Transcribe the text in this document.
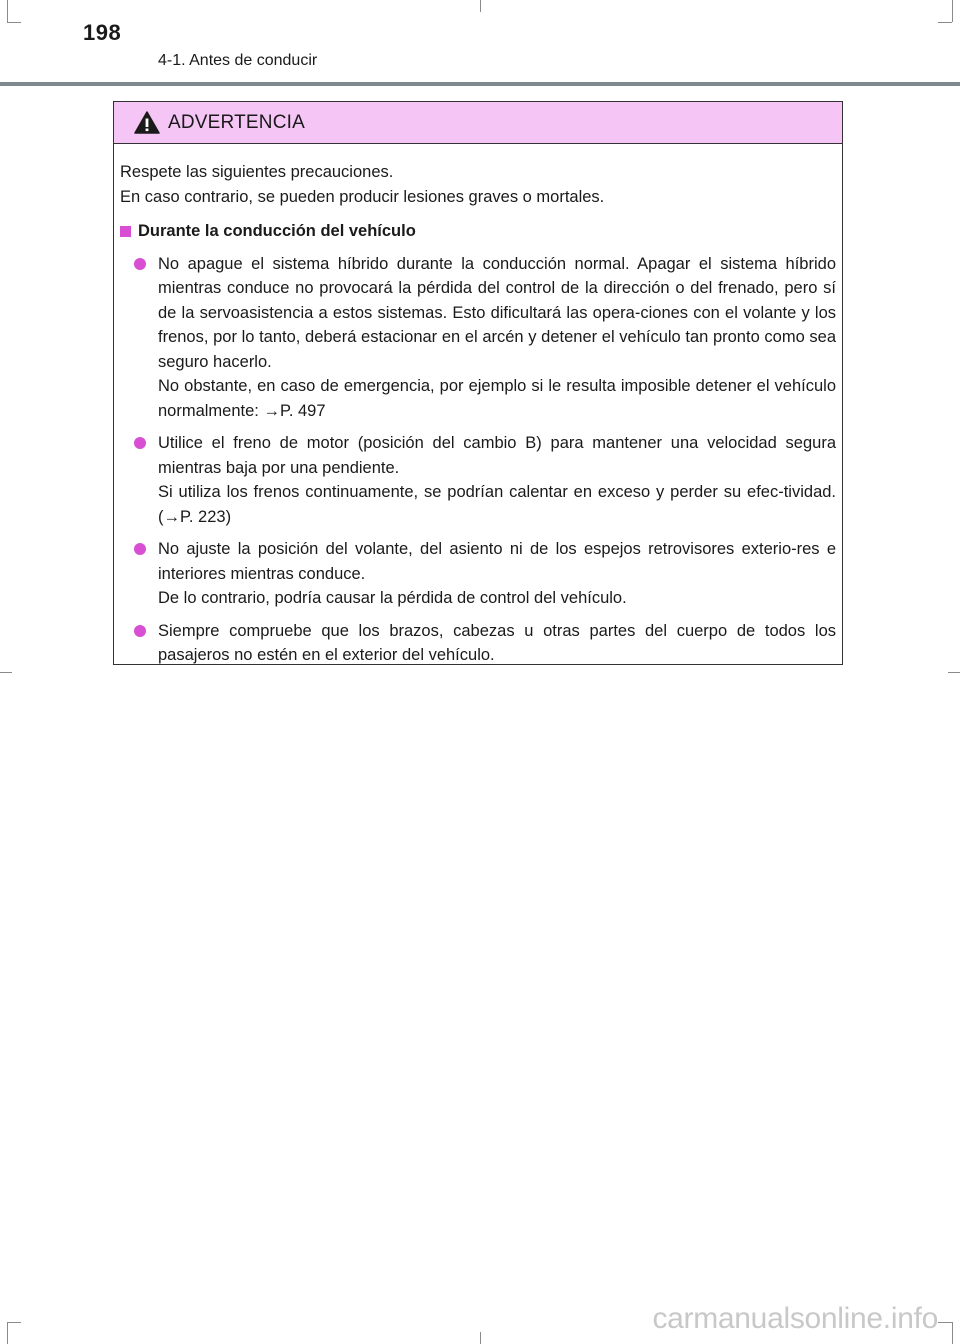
198
4-1. Antes de conducir
ADVERTENCIA

Respete las siguientes precauciones.

En caso contrario, se pueden producir lesiones graves o mortales.

Durante la conducción del vehículo

No apague el sistema híbrido durante la conducción normal. Apagar el sistema híbrido mientras conduce no provocará la pérdida del control de la dirección o del frenado, pero sí de la servoasistencia a estos sistemas. Esto dificultará las opera-ciones con el volante y los frenos, por lo tanto, deberá estacionar en el arcén y detener el vehículo tan pronto como sea seguro hacerlo.

No obstante, en caso de emergencia, por ejemplo si le resulta imposible detener el vehículo normalmente: →P. 497

Utilice el freno de motor (posición del cambio B) para mantener una velocidad segura mientras baja por una pendiente.

Si utiliza los frenos continuamente, se podrían calentar en exceso y perder su efec-tividad. (→P. 223)

No ajuste la posición del volante, del asiento ni de los espejos retrovisores exterio-res e interiores mientras conduce.

De lo contrario, podría causar la pérdida de control del vehículo.

Siempre compruebe que los brazos, cabezas u otras partes del cuerpo de todos los pasajeros no estén en el exterior del vehículo.

carmanualsonline.info
